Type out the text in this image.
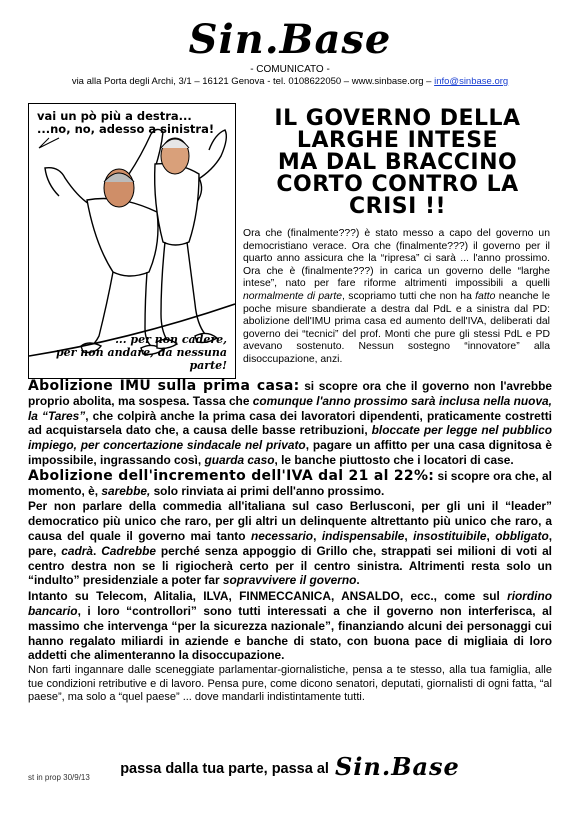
Sin.Base
- COMUNICATO -
via alla Porta degli Archi, 3/1 – 16121 Genova - tel. 0108622050 – www.sinbase.org – info@sinbase.org
vai un pò più a destra...
...no, no, adesso a sinistra!
... per non cadere,
per non andare, da nessuna parte!
IL GOVERNO DELLA
LARGHE INTESE
MA DAL BRACCINO
CORTO CONTRO LA
CRISI !!
Ora che (finalmente???) è stato messo a capo del governo un democristiano verace. Ora che (finalmente???) il governo per il quarto anno assicura che la “ripresa” ci sarà ... l'anno prossimo. Ora che è (finalmente???) in carica un governo delle “larghe intese”, nato per fare riforme altrimenti impossibili a quelli normalmente di parte, scopriamo tutti che non ha fatto neanche le poche misure sbandierate a destra dal PdL e a sinistra dal PD: abolizione dell'IMU prima casa ed aumento dell'IVA, deliberati dal governo dei “tecnici” del prof. Monti che pure gli stessi PdL e PD avevano sostenuto. Nessun sostegno “innovatore” alla disoccupazione, anzi.

Abolizione IMU sulla prima casa: si scopre ora che il governo non l'avrebbe proprio abolita, ma sospesa. Tassa che comunque l'anno prossimo sarà inclusa nella nuova, la “Tares”, che colpirà anche la prima casa dei lavoratori dipendenti, praticamente costretti ad acquistarsela dato che, a causa delle basse retribuzioni, bloccate per legge nel pubblico impiego, per concertazione sindacale nel privato, pagare un affitto per una casa dignitosa è impossibile, ingrassando così, guarda caso, le banche piuttosto che i locatori di case.

Abolizione dell'incremento dell'IVA dal 21 al 22%: si scopre ora che, al momento, è, sarebbe, solo rinviata ai primi dell'anno prossimo.

Per non parlare della commedia all'italiana sul caso Berlusconi, per gli uni il “leader” democratico più unico che raro, per gli altri un delinquente altrettanto più unico che raro, a causa del quale il governo mai tanto necessario, indispensabile, insostituibile, obbligato, pare, cadrà. Cadrebbe perché senza appoggio di Grillo che, strappati sei milioni di voti al centro destra non se li rigiocherà certo per il centro sinistra. Altrimenti resta solo un “indulto” presidenziale a poter far sopravvivere il governo.

Intanto su Telecom, Alitalia, ILVA, FINMECCANICA, ANSALDO, ecc., come sul riordino bancario, i loro “controllori” sono tutti interessati a che il governo non interferisca, al massimo che intervenga “per la sicurezza nazionale”, finanziando alcuni dei personaggi cui hanno regalato miliardi in aziende e banche di stato, con buona pace di migliaia di loro addetti che alimenteranno la disoccupazione.

Non farti ingannare dalle sceneggiate parlamentar-giornalistiche, pensa a te stesso, alla tua famiglia, alle tue condizioni retributive e di lavoro. Pensa pure, come dicono senatori, deputati, giornalisti di ogni fatta, “al paese”, ma solo a “quel paese” ... dove mandarli indistintamente tutti.

passa dalla tua parte, passa al Sin.Base
st in prop 30/9/13
